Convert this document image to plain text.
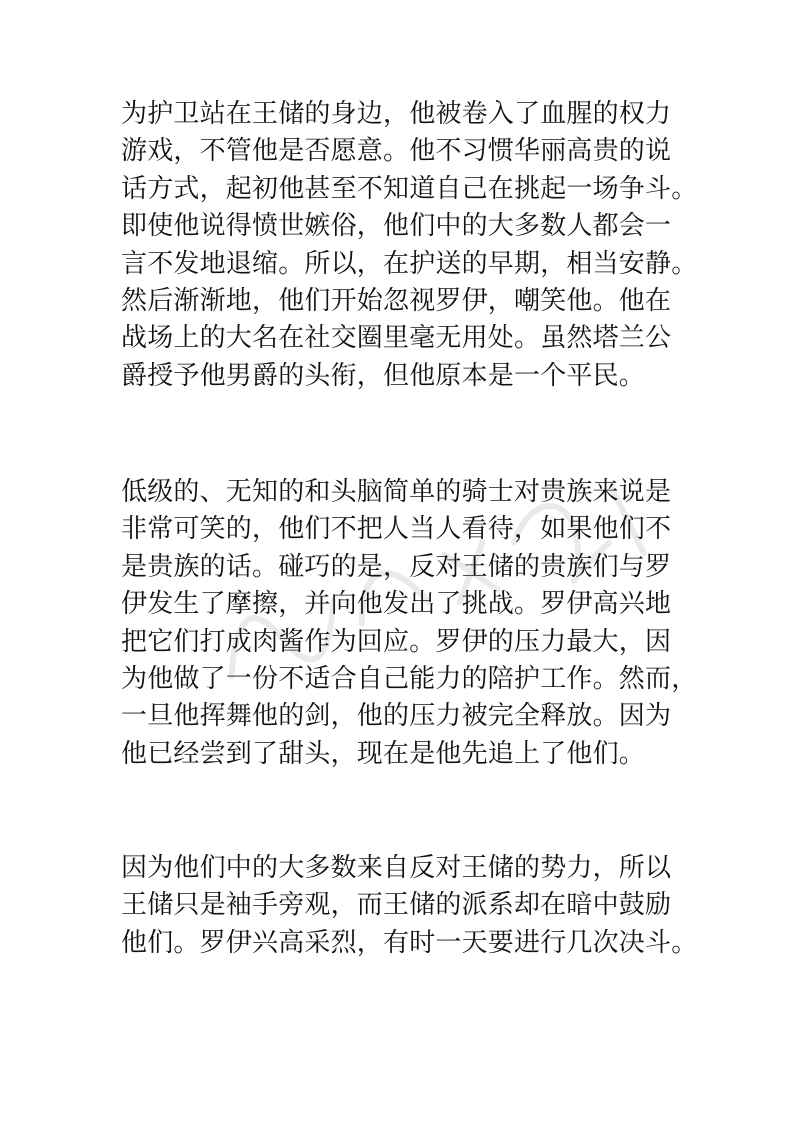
为护卫站在王储的身边，他被卷入了血腥的权力
游戏，不管他是否愿意。他不习惯华丽高贵的说
话方式，起初他甚至不知道自己在挑起一场争斗。
即使他说得愤世嫉俗，他们中的大多数人都会一
言不发地退缩。所以，在护送的早期，相当安静。
然后渐渐地，他们开始忽视罗伊，嘲笑他。他在
战场上的大名在社交圈里毫无用处。虽然塔兰公
爵授予他男爵的头衔，但他原本是一个平民。
低级的、无知的和头脑简单的骑士对贵族来说是
非常可笑的，他们不把人当人看待，如果他们不
是贵族的话。碰巧的是，反对王储的贵族们与罗
伊发生了摩擦，并向他发出了挑战。罗伊高兴地
把它们打成肉酱作为回应。罗伊的压力最大，因
为他做了一份不适合自己能力的陪护工作。然而，
一旦他挥舞他的剑，他的压力被完全释放。因为
他已经尝到了甜头，现在是他先追上了他们。
因为他们中的大多数来自反对王储的势力，所以
王储只是袖手旁观，而王储的派系却在暗中鼓励
他们。罗伊兴高采烈，有时一天要进行几次决斗。
